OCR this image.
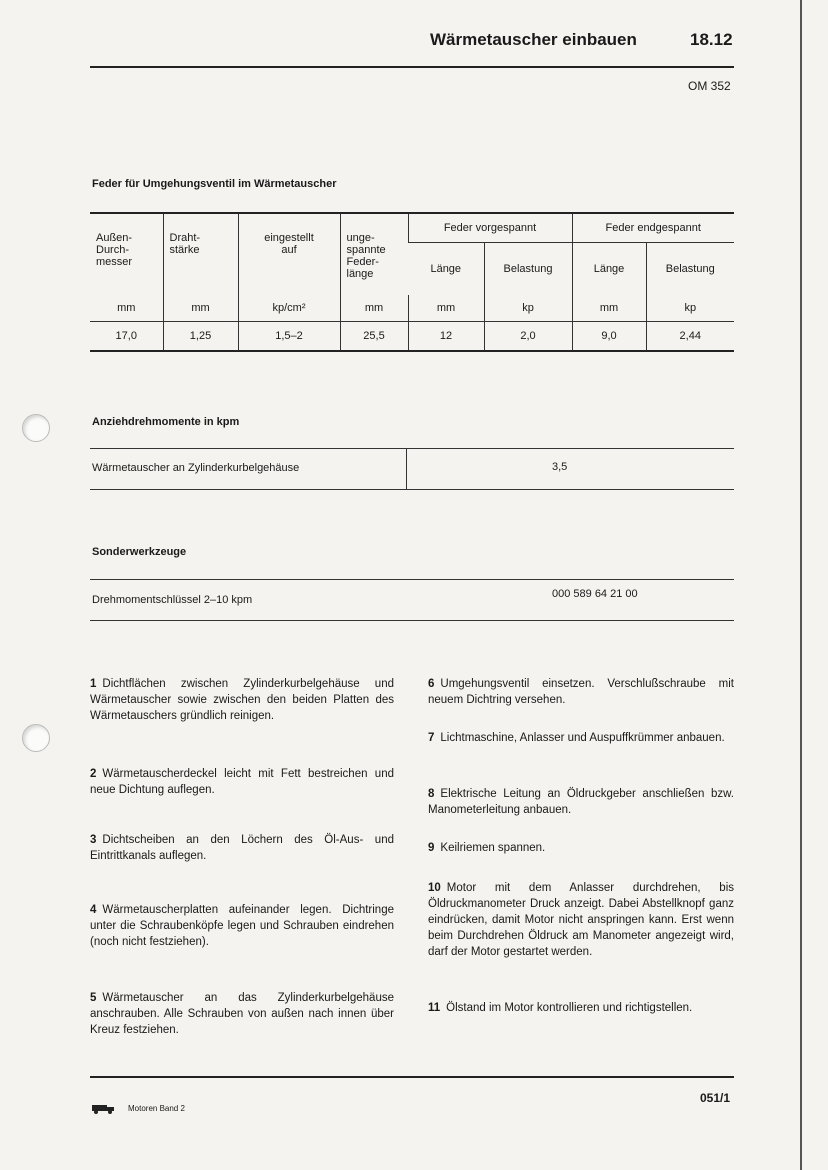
Wärmetauscher einbauen	18.12
OM 352
Feder für Umgehungsventil im Wärmetauscher
Außen-
Durch-
messer	Draht-
stärke	eingestellt
auf	unge-
spannte
Feder-
länge	Feder vorgespannt		Feder endgespannt	
				Länge	Belastung	Länge	Belastung
mm	mm	kp/cm²	mm	mm	kp	mm	kp
17,0	1,25	1,5–2	25,5	12	2,0	9,0	2,44
Anziehdrehmomente in kpm
Wärmetauscher an Zylinderkurbelgehäuse	3,5
Sonderwerkzeuge
Drehmomentschlüssel 2–10 kpm	000 589 64 21 00

1 Dichtflächen zwischen Zylinderkurbelgehäuse und Wärmetauscher sowie zwischen den beiden Platten des Wärmetauschers gründlich reinigen.

2 Wärmetauscherdeckel leicht mit Fett bestreichen und neue Dichtung auflegen.

3 Dichtscheiben an den Löchern des Öl-Aus- und Eintrittkanals auflegen.

4 Wärmetauscherplatten aufeinander legen. Dichtringe unter die Schraubenköpfe legen und Schrauben eindrehen (noch nicht festziehen).

5 Wärmetauscher an das Zylinderkurbelgehäuse anschrauben. Alle Schrauben von außen nach innen über Kreuz festziehen.

6 Umgehungsventil einsetzen. Verschlußschraube mit neuem Dichtring versehen.

7 Lichtmaschine, Anlasser und Auspuffkrümmer anbauen.

8 Elektrische Leitung an Öldruckgeber anschließen bzw. Manometerleitung anbauen.

9 Keilriemen spannen.

10 Motor mit dem Anlasser durchdrehen, bis Öldruckmanometer Druck anzeigt. Dabei Abstellknopf ganz eindrücken, damit Motor nicht anspringen kann. Erst wenn beim Durchdrehen Öldruck am Manometer angezeigt wird, darf der Motor gestartet werden.

11 Ölstand im Motor kontrollieren und richtigstellen.

Motoren Band 2
051/1
